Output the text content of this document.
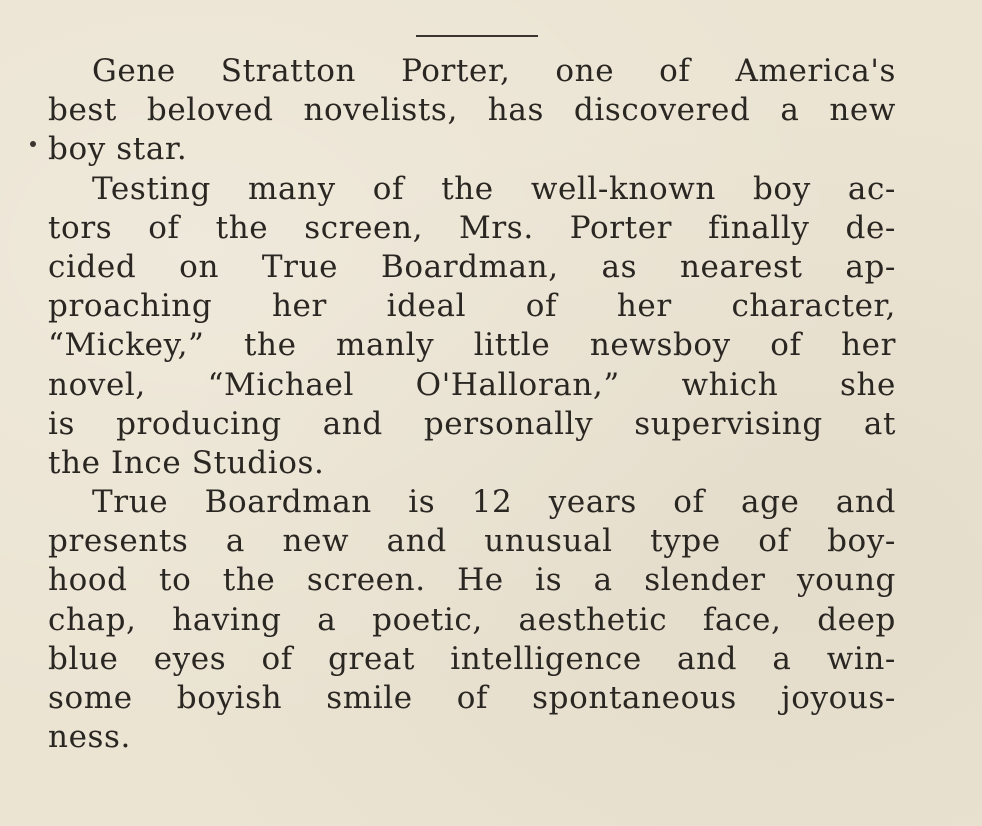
Gene Stratton Porter, one of America's
best beloved novelists, has discovered a new
boy star.
Testing many of the well-known boy ac-
tors of the screen, Mrs. Porter finally de-
cided on True Boardman, as nearest ap-
proaching her ideal of her character,
“Mickey,” the manly little newsboy of her
novel, “Michael O'Halloran,” which she
is producing and personally supervising at
the Ince Studios.
True Boardman is 12 years of age and
presents a new and unusual type of boy-
hood to the screen. He is a slender young
chap, having a poetic, aesthetic face, deep
blue eyes of great intelligence and a win-
some boyish smile of spontaneous joyous-
ness.
